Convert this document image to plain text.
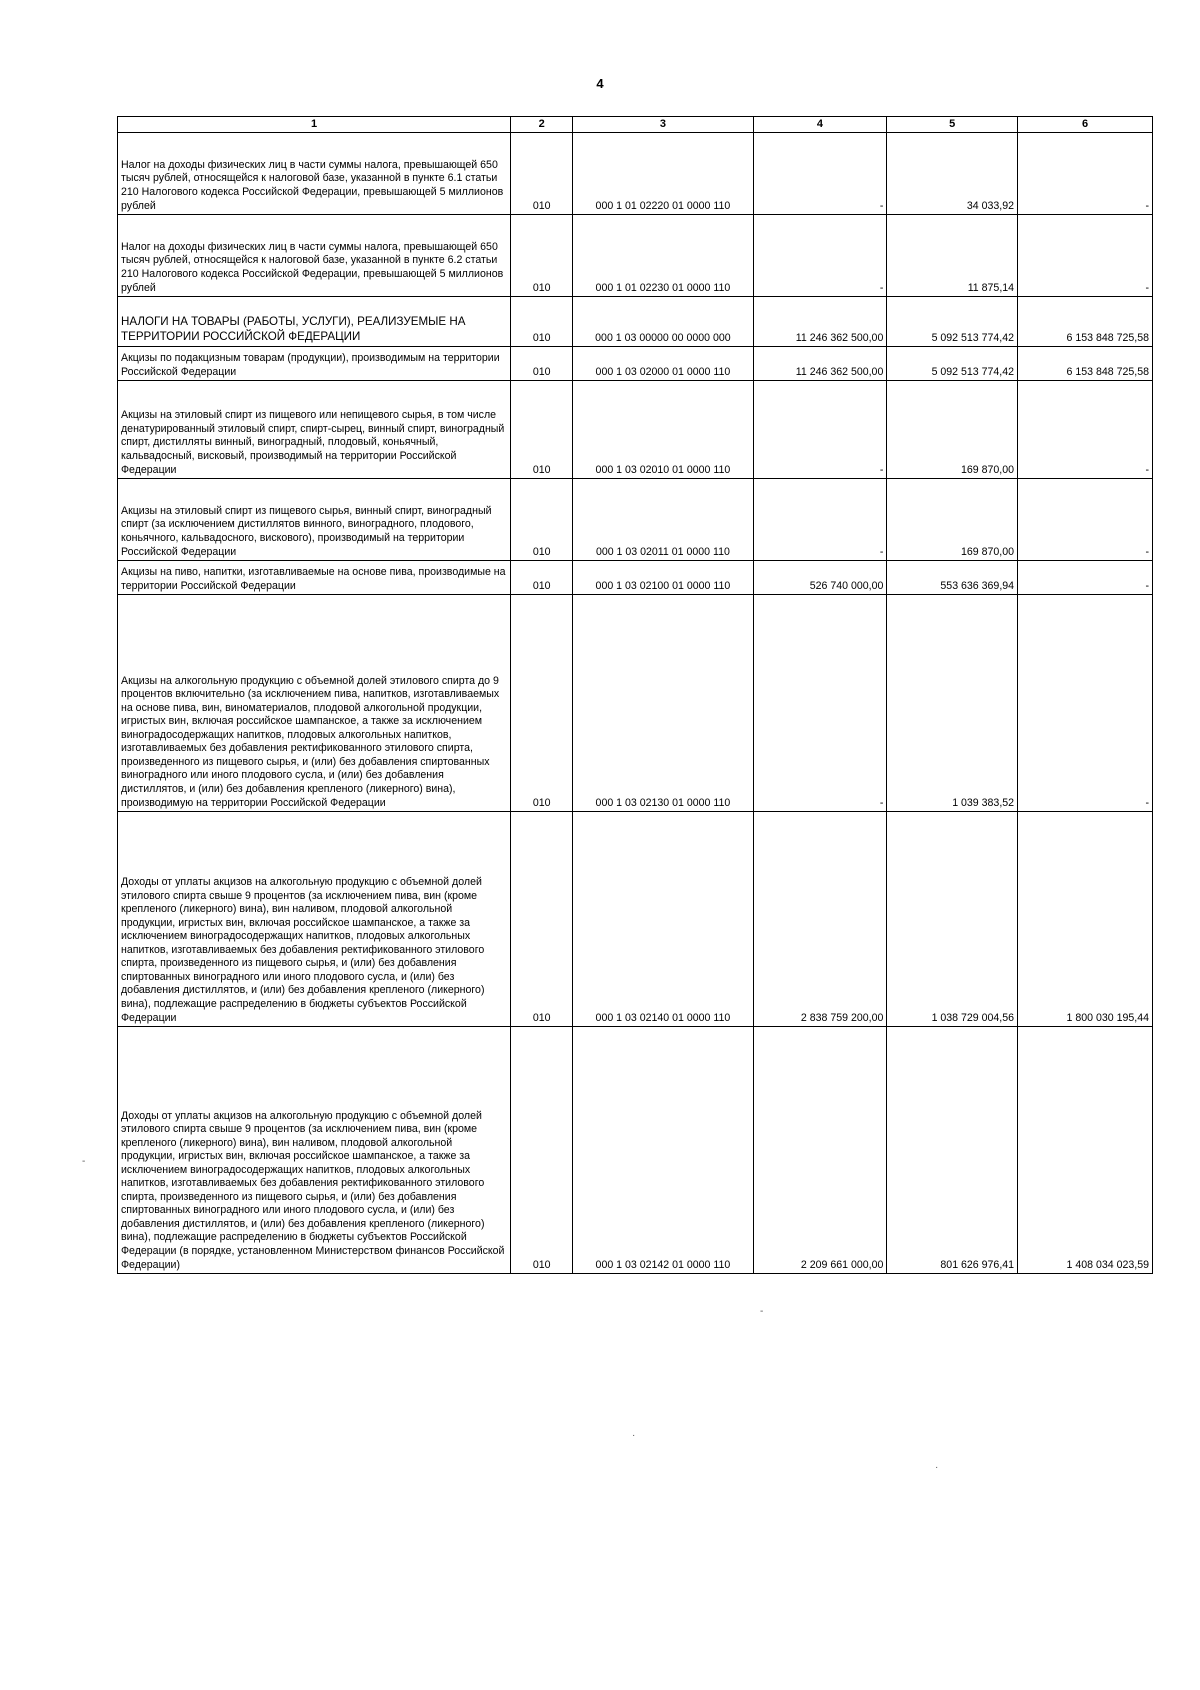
4
1	2	3	4	5	6
Налог на доходы физических лиц в части суммы налога, превышающей 650 тысяч рублей, относящейся к налоговой базе, указанной в пункте 6.1 статьи 210 Налогового кодекса Российской Федерации, превышающей 5 миллионов рублей	010	000 1 01 02220 01 0000 110	-	34 033,92	-
Налог на доходы физических лиц в части суммы налога, превышающей 650 тысяч рублей, относящейся к налоговой базе, указанной в пункте 6.2 статьи 210 Налогового кодекса Российской Федерации, превышающей 5 миллионов рублей	010	000 1 01 02230 01 0000 110	-	11 875,14	-
НАЛОГИ НА ТОВАРЫ (РАБОТЫ, УСЛУГИ), РЕАЛИЗУЕМЫЕ НА ТЕРРИТОРИИ РОССИЙСКОЙ ФЕДЕРАЦИИ	010	000 1 03 00000 00 0000 000	11 246 362 500,00	5 092 513 774,42	6 153 848 725,58
Акцизы по подакцизным товарам (продукции), производимым на территории Российской Федерации	010	000 1 03 02000 01 0000 110	11 246 362 500,00	5 092 513 774,42	6 153 848 725,58
Акцизы на этиловый спирт из пищевого или непищевого сырья, в том числе денатурированный этиловый спирт, спирт-сырец, винный спирт, виноградный спирт, дистилляты винный, виноградный, плодовый, коньячный, кальвадосный, висковый, производимый на территории Российской Федерации	010	000 1 03 02010 01 0000 110	-	169 870,00	-
Акцизы на этиловый спирт из пищевого сырья, винный спирт, виноградный спирт (за исключением дистиллятов винного, виноградного, плодового, коньячного, кальвадосного, вискового), производимый на территории Российской Федерации	010	000 1 03 02011 01 0000 110	-	169 870,00	-
Акцизы на пиво, напитки, изготавливаемые на основе пива, производимые на территории Российской Федерации	010	000 1 03 02100 01 0000 110	526 740 000,00	553 636 369,94	-
Акцизы на алкогольную продукцию с объемной долей этилового спирта до 9 процентов включительно (за исключением пива, напитков, изготавливаемых на основе пива, вин, виноматериалов, плодовой алкогольной продукции, игристых вин, включая российское шампанское, а также за исключением виноградосодержащих напитков, плодовых алкогольных напитков, изготавливаемых без добавления ректификованного этилового спирта, произведенного из пищевого сырья, и (или) без добавления спиртованных виноградного или иного плодового сусла, и (или) без добавления дистиллятов, и (или) без добавления крепленого (ликерного) вина), производимую на территории Российской Федерации	010	000 1 03 02130 01 0000 110	-	1 039 383,52	-
Доходы от уплаты акцизов на алкогольную продукцию с объемной долей этилового спирта свыше 9 процентов (за исключением пива, вин (кроме крепленого (ликерного) вина), вин наливом, плодовой алкогольной продукции, игристых вин, включая российское шампанское, а также за исключением виноградосодержащих напитков, плодовых алкогольных напитков, изготавливаемых без добавления ректификованного этилового спирта, произведенного из пищевого сырья, и (или) без добавления спиртованных виноградного или иного плодового сусла, и (или) без добавления дистиллятов, и (или) без добавления крепленого (ликерного) вина), подлежащие распределению в бюджеты субъектов Российской Федерации	010	000 1 03 02140 01 0000 110	2 838 759 200,00	1 038 729 004,56	1 800 030 195,44
Доходы от уплаты акцизов на алкогольную продукцию с объемной долей этилового спирта свыше 9 процентов (за исключением пива, вин (кроме крепленого (ликерного) вина), вин наливом, плодовой алкогольной продукции, игристых вин, включая российское шампанское, а также за исключением виноградосодержащих напитков, плодовых алкогольных напитков, изготавливаемых без добавления ректификованного этилового спирта, произведенного из пищевого сырья, и (или) без добавления спиртованных виноградного или иного плодового сусла, и (или) без добавления дистиллятов, и (или) без добавления крепленого (ликерного) вина), подлежащие распределению в бюджеты субъектов Российской Федерации (в порядке, установленном Министерством финансов Российской Федерации)	010	000 1 03 02142 01 0000 110	2 209 661 000,00	801 626 976,41	1 408 034 023,59
-
-
·
·
